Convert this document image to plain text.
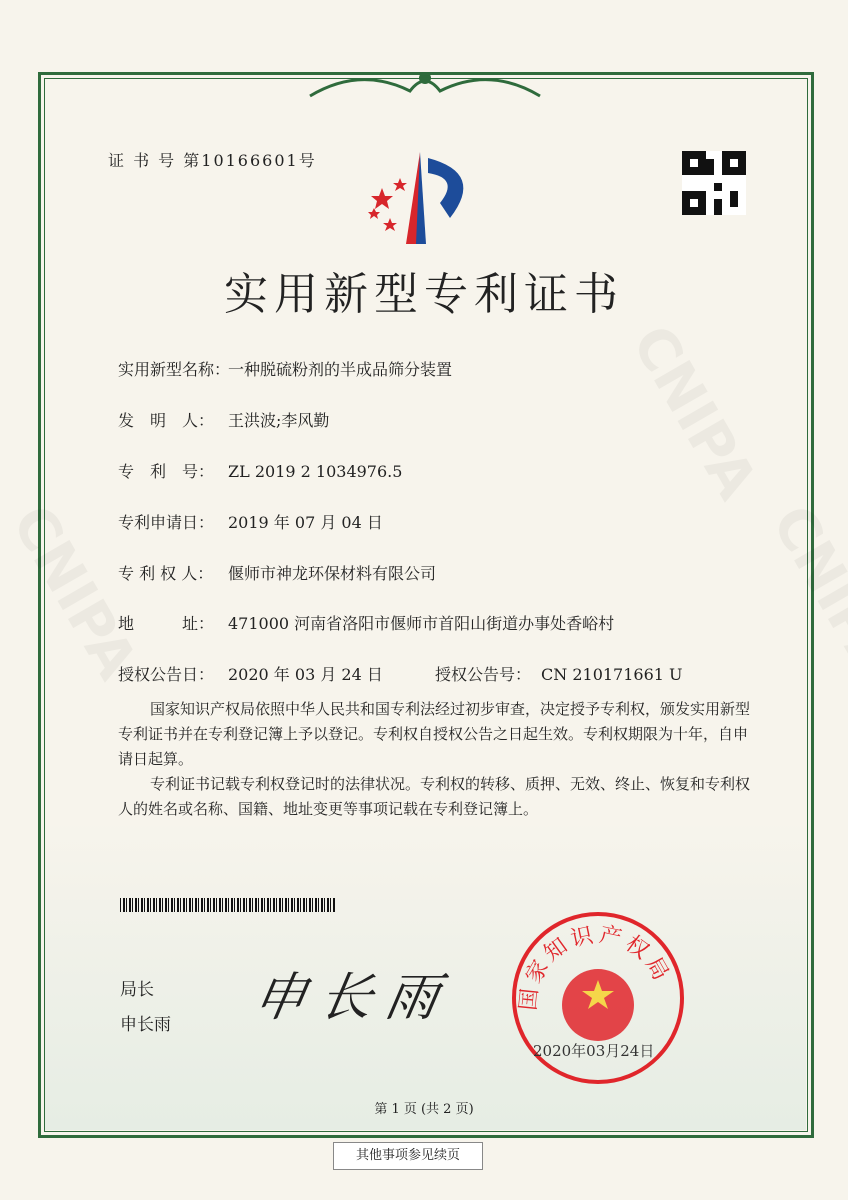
证 书 号 第10166601号
实用新型专利证书
实用新型名称：一种脱硫粉剂的半成品筛分装置
发　明　人： 王洪波;李风勤
专　利　号： ZL 2019 2 1034976.5
专利申请日： 2019 年 07 月 04 日
专 利 权 人： 偃师市神龙环保材料有限公司
地　　　址： 471000 河南省洛阳市偃师市首阳山街道办事处香峪村
授权公告日： 2020 年 03 月 24 日	授权公告号： CN 210171661 U
国家知识产权局依照中华人民共和国专利法经过初步审查，决定授予专利权，颁发实用新型专利证书并在专利登记簿上予以登记。专利权自授权公告之日起生效。专利权期限为十年，自申请日起算。
专利证书记载专利权登记时的法律状况。专利权的转移、质押、无效、终止、恢复和专利权人的姓名或名称、国籍、地址变更等事项记载在专利登记簿上。
局长
申长雨 申长雨	国家知识产权局
2020年03月24日
第 1 页 (共 2 页)
其他事项参见续页
